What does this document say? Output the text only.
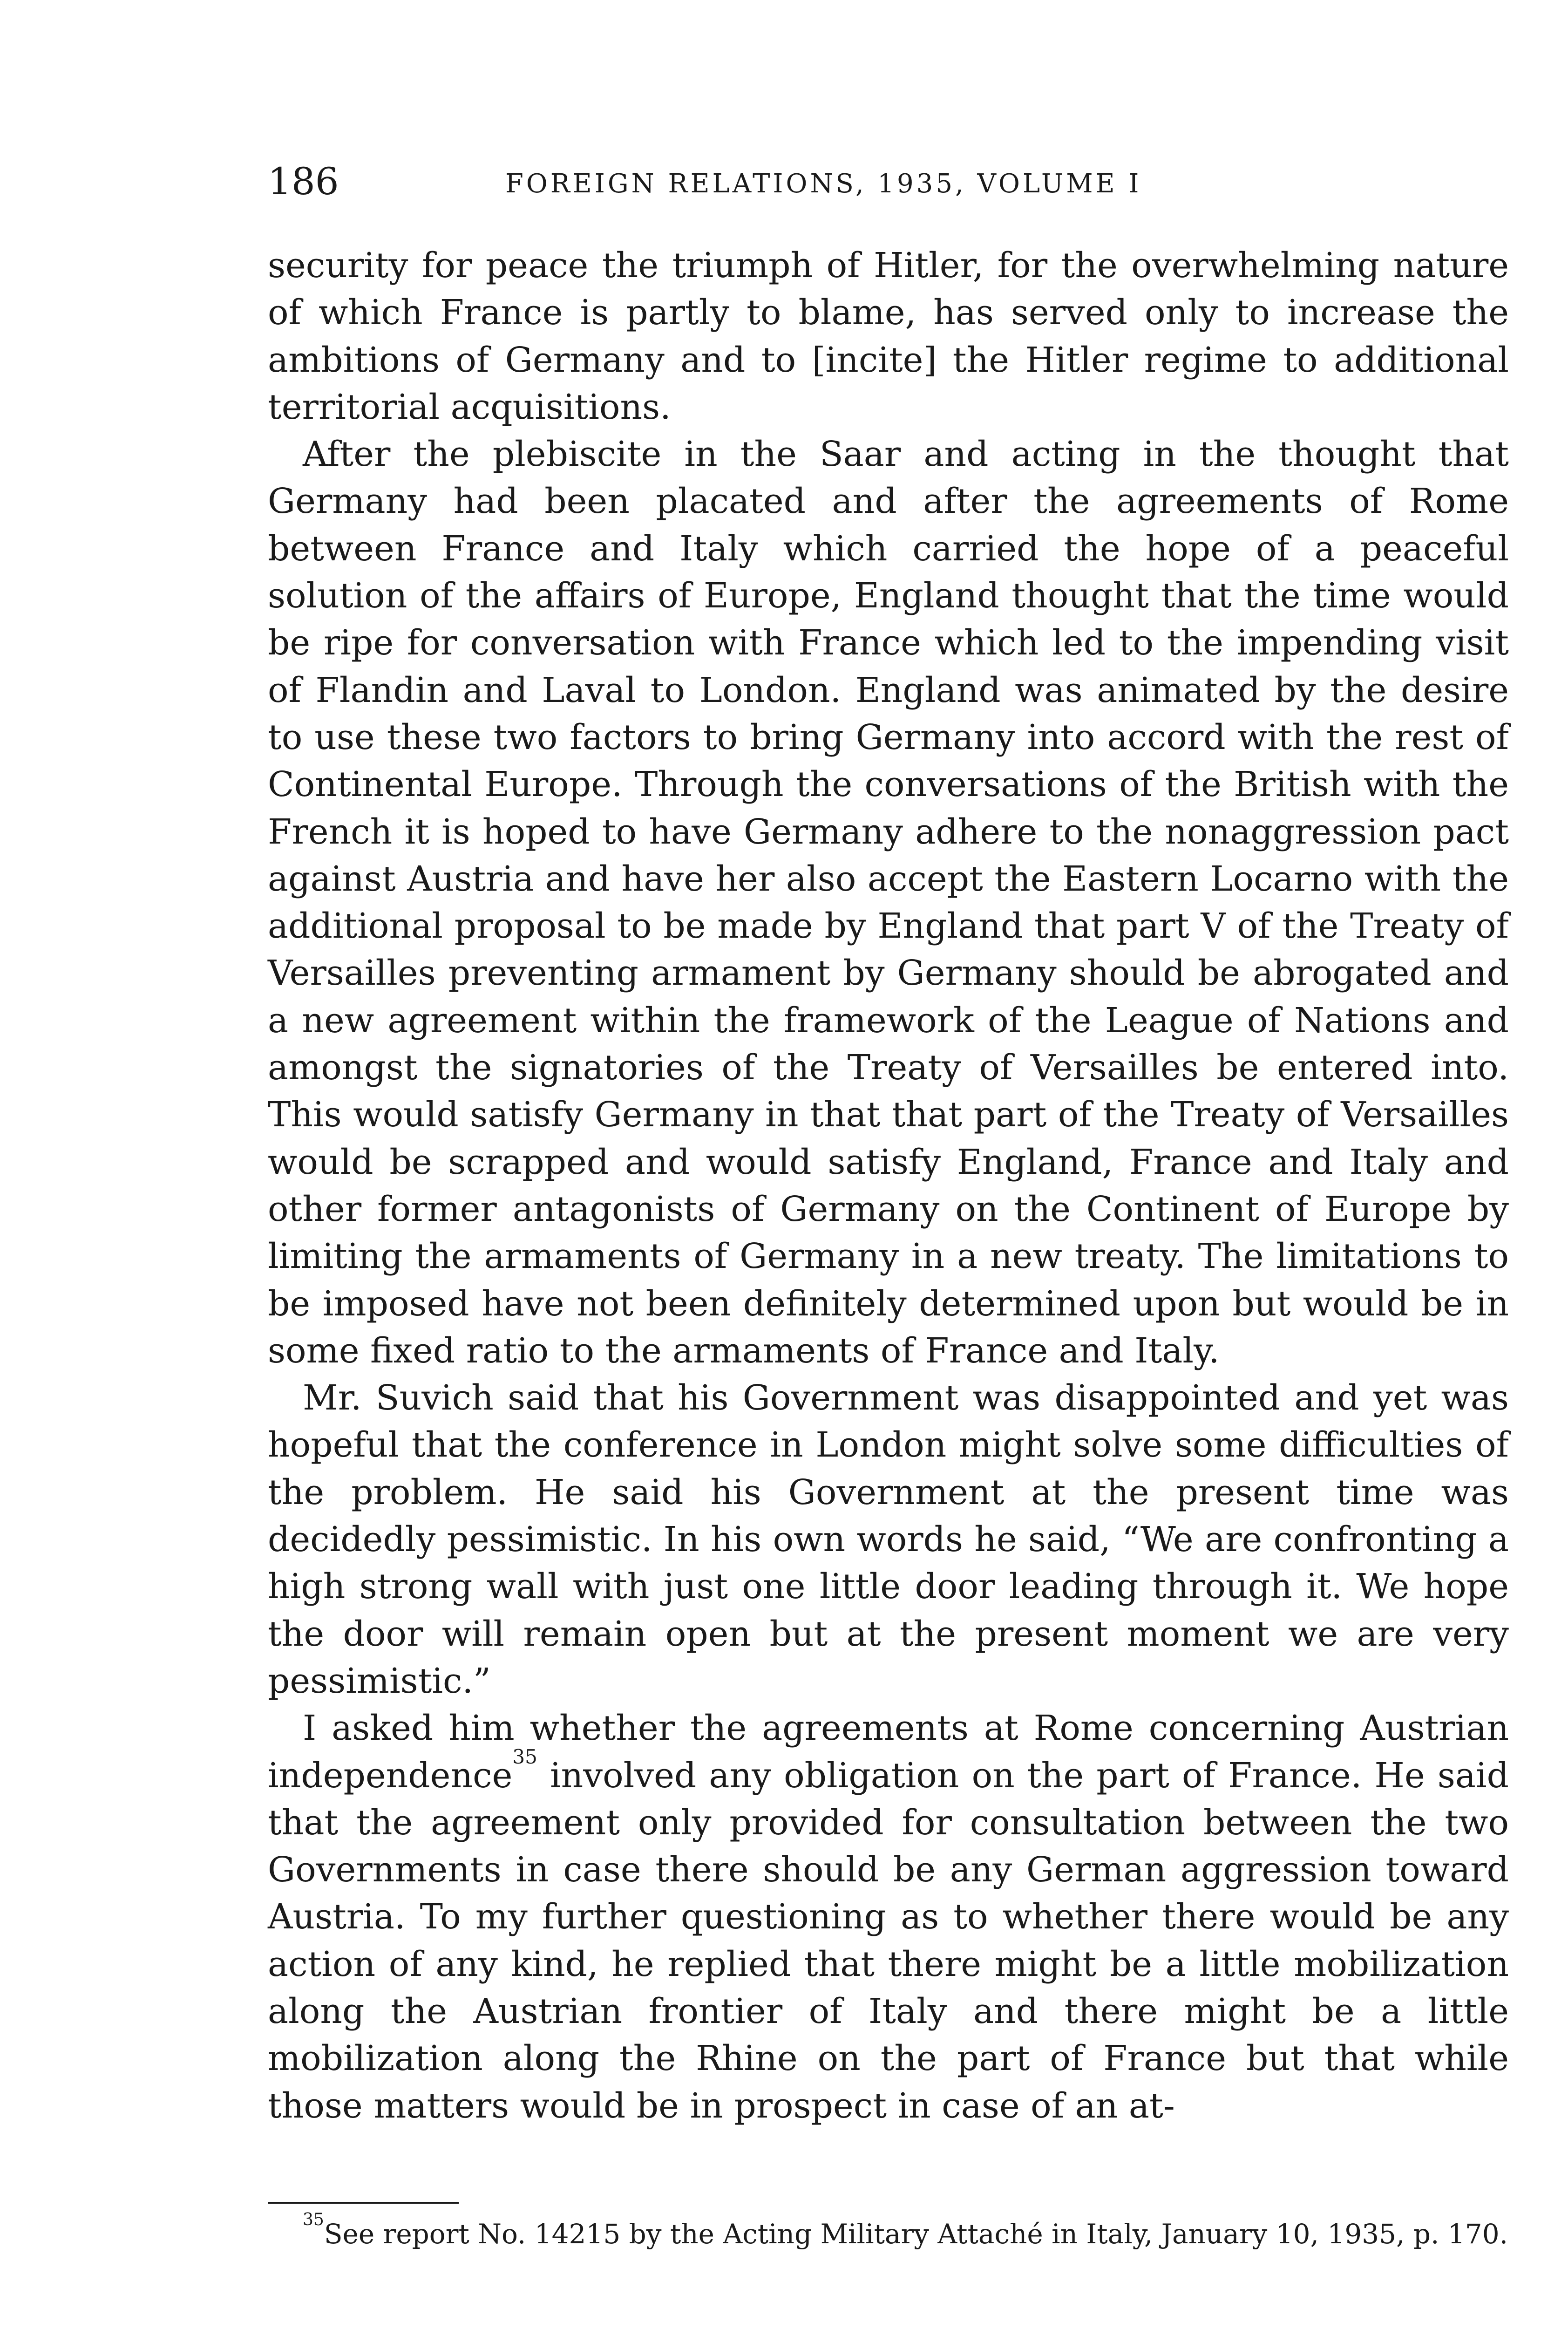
186	FOREIGN RELATIONS, 1935, VOLUME I

security for peace the triumph of Hitler, for the overwhelming nature of which France is partly to blame, has served only to increase the ambitions of Germany and to [incite] the Hitler regime to additional territorial acquisitions.

After the plebiscite in the Saar and acting in the thought that Germany had been placated and after the agreements of Rome between France and Italy which carried the hope of a peaceful solution of the affairs of Europe, England thought that the time would be ripe for conversation with France which led to the impending visit of Flandin and Laval to London. England was animated by the desire to use these two factors to bring Germany into accord with the rest of Continental Europe. Through the conversations of the British with the French it is hoped to have Germany adhere to the nonaggression pact against Austria and have her also accept the Eastern Locarno with the additional proposal to be made by England that part V of the Treaty of Versailles preventing armament by Germany should be abrogated and a new agreement within the framework of the League of Nations and amongst the signatories of the Treaty of Versailles be entered into. This would satisfy Germany in that that part of the Treaty of Versailles would be scrapped and would satisfy England, France and Italy and other former antagonists of Germany on the Continent of Europe by limiting the armaments of Germany in a new treaty. The limitations to be imposed have not been definitely determined upon but would be in some fixed ratio to the armaments of France and Italy.

Mr. Suvich said that his Government was disappointed and yet was hopeful that the conference in London might solve some difficulties of the problem. He said his Government at the present time was decidedly pessimistic. In his own words he said, “We are confronting a high strong wall with just one little door leading through it. We hope the door will remain open but at the present moment we are very pessimistic.”

I asked him whether the agreements at Rome concerning Austrian independence$^{35}$ involved any obligation on the part of France. He said that the agreement only provided for consultation between the two Governments in case there should be any German aggression toward Austria. To my further questioning as to whether there would be any action of any kind, he replied that there might be a little mobilization along the Austrian frontier of Italy and there might be a little mobilization along the Rhine on the part of France but that while those matters would be in prospect in case of an at-

$^{35}$See report No. 14215 by the Acting Military Attaché in Italy, January 10, 1935, p. 170.
